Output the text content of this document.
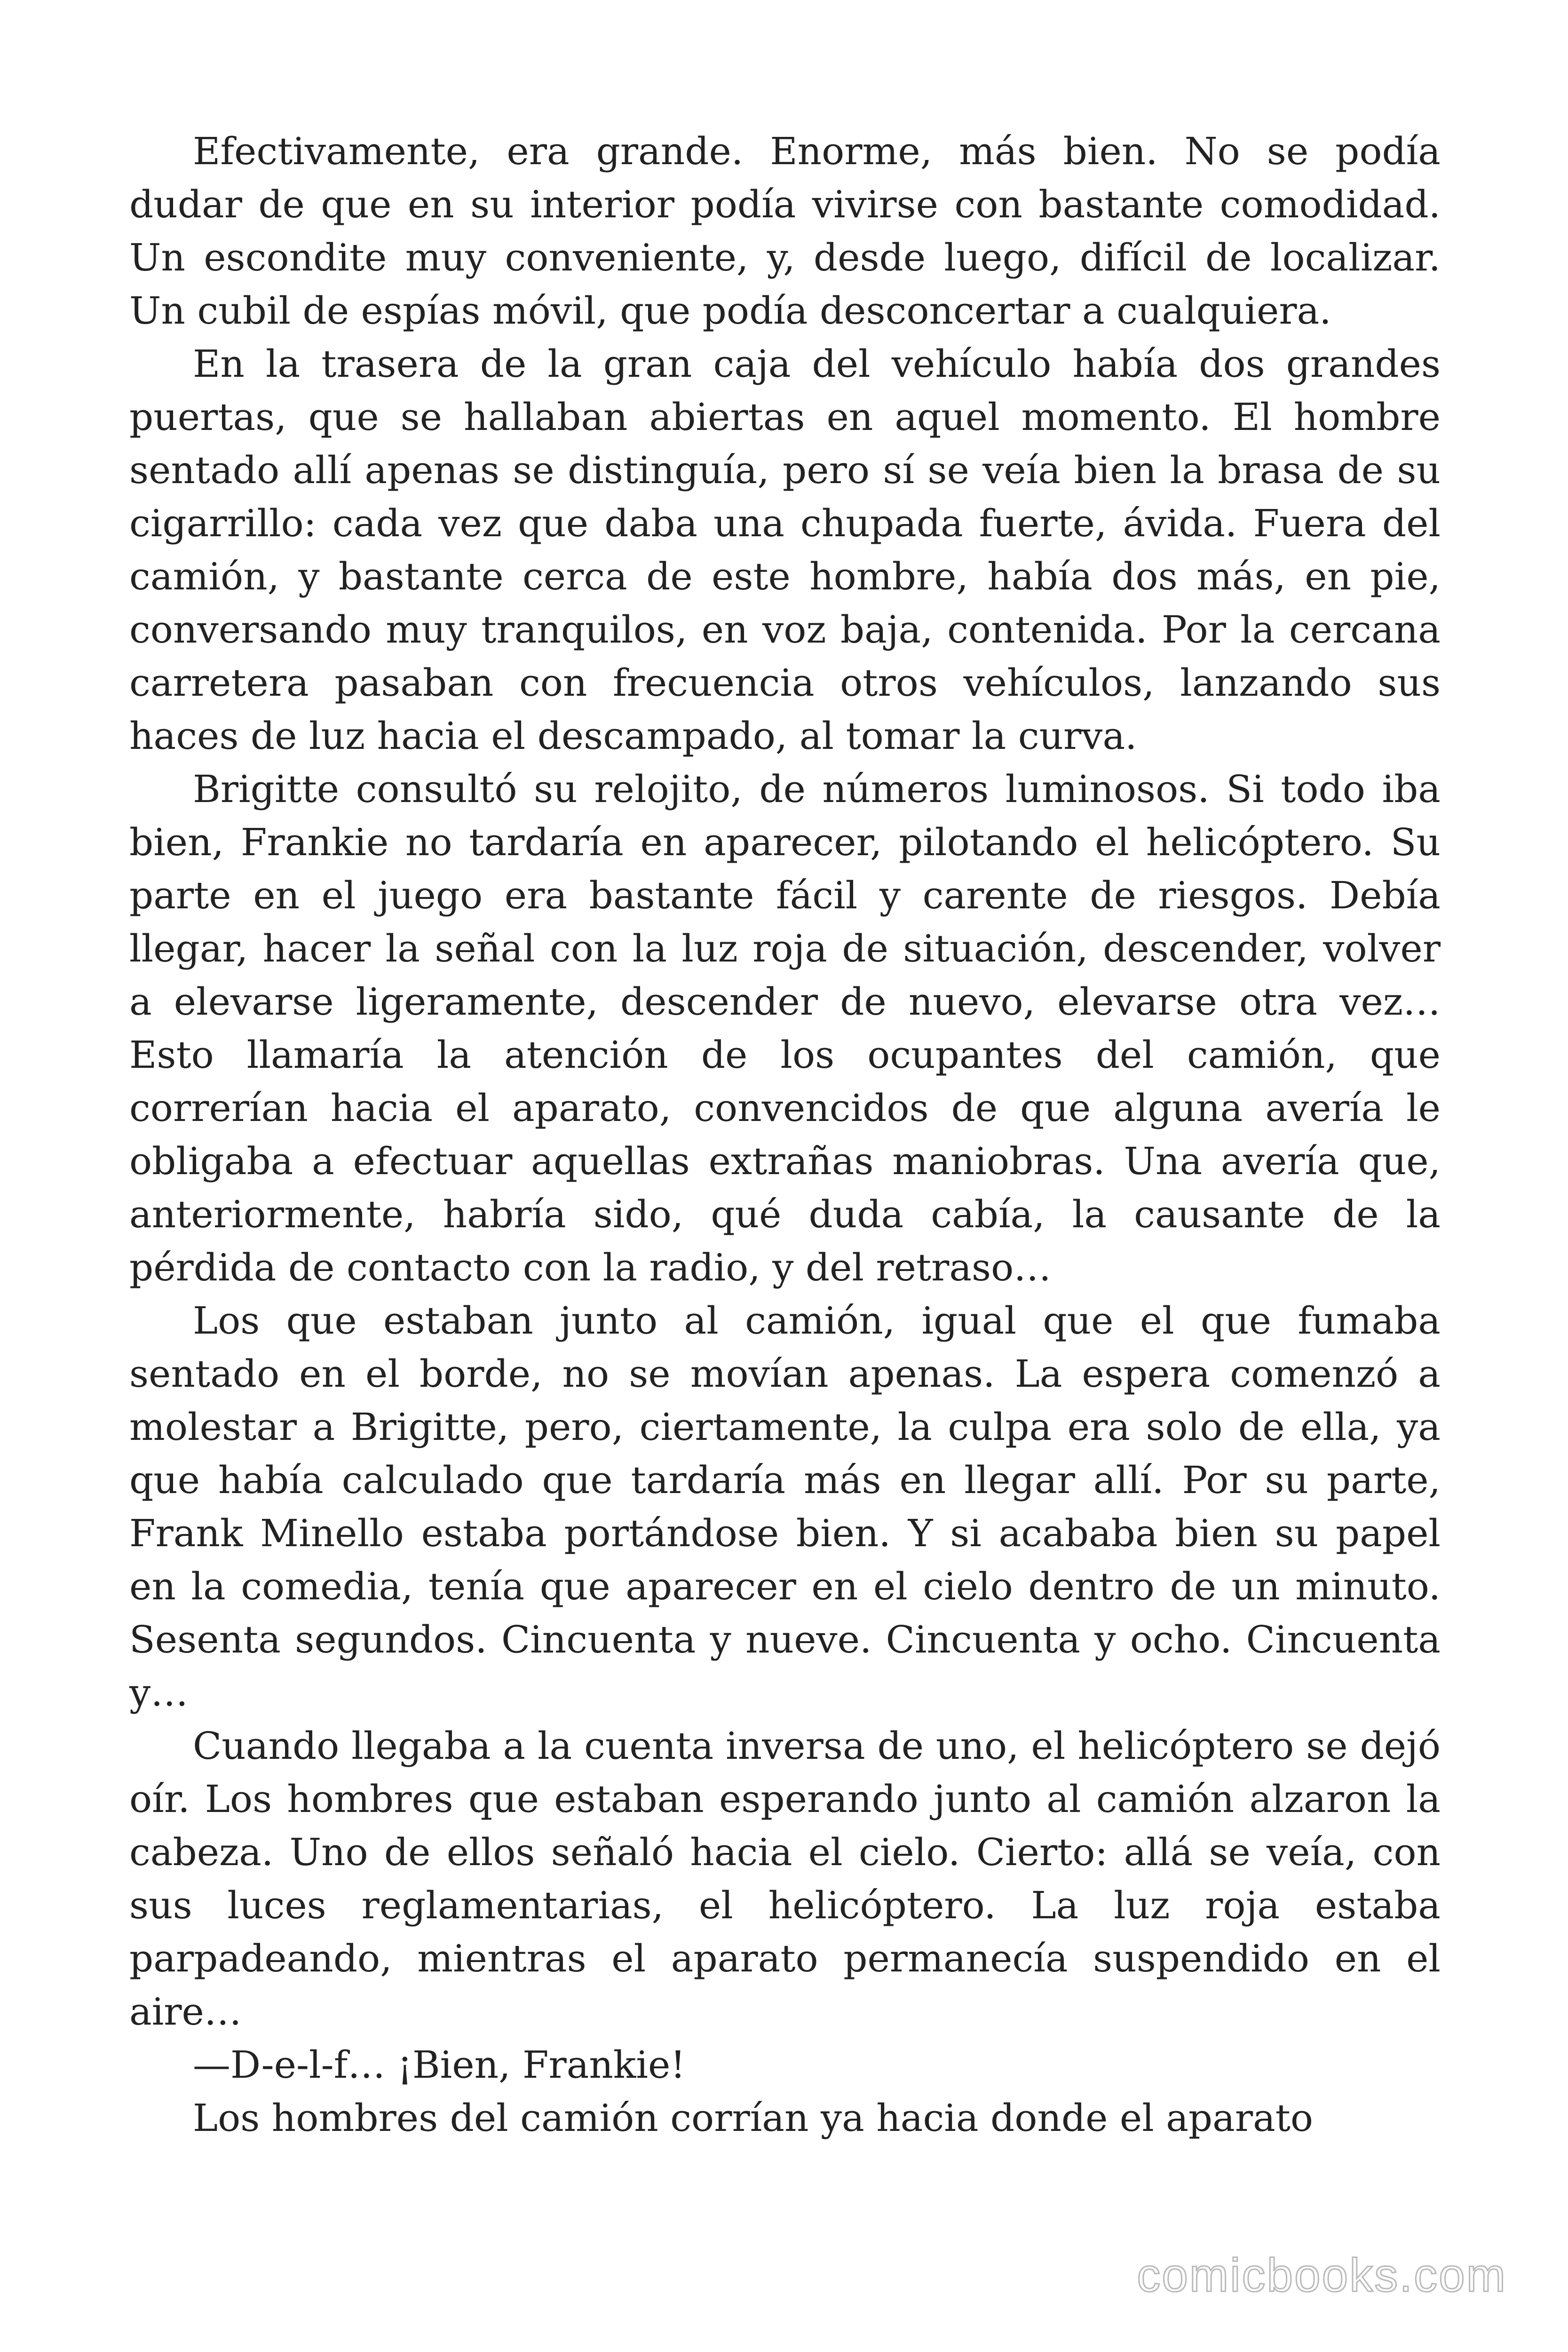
Efectivamente, era grande. Enorme, más bien. No se podía dudar de que en su interior podía vivirse con bastante comodidad. Un escondite muy conveniente, y, desde luego, difícil de localizar. Un cubil de espías móvil, que podía desconcertar a cualquiera.

En la trasera de la gran caja del vehículo había dos grandes puertas, que se hallaban abiertas en aquel momento. El hombre sentado allí apenas se distinguía, pero sí se veía bien la brasa de su cigarrillo: cada vez que daba una chupada fuerte, ávida. Fuera del camión, y bastante cerca de este hombre, había dos más, en pie, conversando muy tranquilos, en voz baja, contenida. Por la cercana carretera pasaban con frecuencia otros vehículos, lanzando sus haces de luz hacia el descampado, al tomar la curva.

Brigitte consultó su relojito, de números luminosos. Si todo iba bien, Frankie no tardaría en aparecer, pilotando el helicóptero. Su parte en el juego era bastante fácil y carente de riesgos. Debía llegar, hacer la señal con la luz roja de situación, descender, volver a elevarse ligeramente, descender de nuevo, elevarse otra vez… Esto llamaría la atención de los ocupantes del camión, que correrían hacia el aparato, convencidos de que alguna avería le obligaba a efectuar aquellas extrañas maniobras. Una avería que, anteriormente, habría sido, qué duda cabía, la causante de la pérdida de contacto con la radio, y del retraso…

Los que estaban junto al camión, igual que el que fumaba sentado en el borde, no se movían apenas. La espera comenzó a molestar a Brigitte, pero, ciertamente, la culpa era solo de ella, ya que había calculado que tardaría más en llegar allí. Por su parte, Frank Minello estaba portándose bien. Y si acababa bien su papel en la comedia, tenía que aparecer en el cielo dentro de un minuto. Sesenta segundos. Cincuenta y nueve. Cincuenta y ocho. Cincuenta y…

Cuando llegaba a la cuenta inversa de uno, el helicóptero se dejó oír. Los hombres que estaban esperando junto al camión alzaron la cabeza. Uno de ellos señaló hacia el cielo. Cierto: allá se veía, con sus luces reglamentarias, el helicóptero. La luz roja estaba parpadeando, mientras el aparato permanecía suspendido en el aire…

—D-e-l-f… ¡Bien, Frankie!

Los hombres del camión corrían ya hacia donde el aparato

comicbooks.com
